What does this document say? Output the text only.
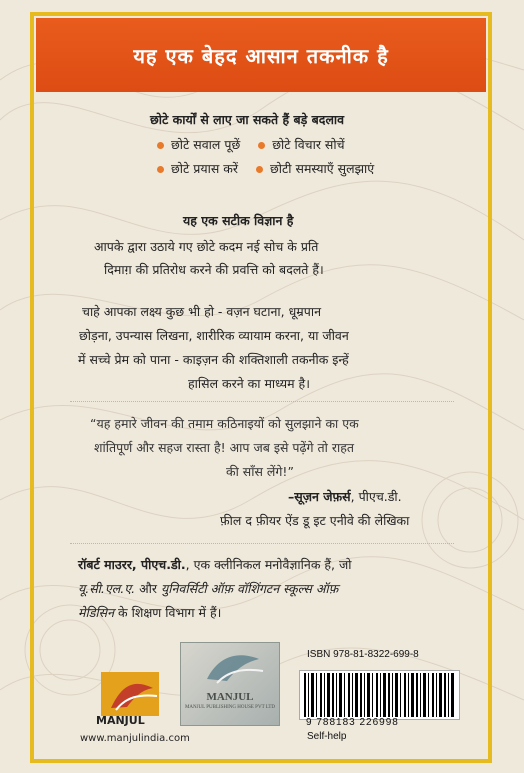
यह एक बेहद आसान तकनीक है
छोटे कार्यों से लाए जा सकते हैं बड़े बदलाव
छोटे सवाल पूछें	छोटे विचार सोचें
छोटे प्रयास करें	छोटी समस्याएँ सुलझाएं
यह एक सटीक विज्ञान है
आपके द्वारा उठाये गए छोटे कदम नई सोच के प्रति
दिमाग़ की प्रतिरोध करने की प्रवत्ति को बदलते हैं।
चाहे आपका लक्ष्य कुछ भी हो - वज़न घटाना, धूम्रपान
छोड़ना, उपन्यास लिखना, शारीरिक व्यायाम करना, या जीवन
में सच्चे प्रेम को पाना - काइज़न की शक्तिशाली तकनीक इन्हें
हासिल करने का माध्यम है।
“यह हमारे जीवन की तमाम कठिनाइयों को सुलझाने का एक
शांतिपूर्ण और सहज रास्ता है! आप जब इसे पढ़ेंगे तो राहत
की साँस लेंगे!”
–सूज़न जेफ़र्स, पीएच.डी.
फ़ील द फ़ीयर ऐंड डू इट एनीवे की लेखिका
रॉबर्ट माउरर, पीएच.डी., एक क्लीनिकल मनोवैज्ञानिक हैं, जो
यू.सी.एल.ए. और युनिवर्सिटी ऑफ़ वॉशिंगटन स्कूल्स ऑफ़
मेडिसिन के शिक्षण विभाग में हैं।
MANJUL
www.manjulindia.com
MANJUL
MANJUL PUBLISHING HOUSE PVT LTD
ISBN 978-81-8322-699-8
9 788183 226998
Self-help
